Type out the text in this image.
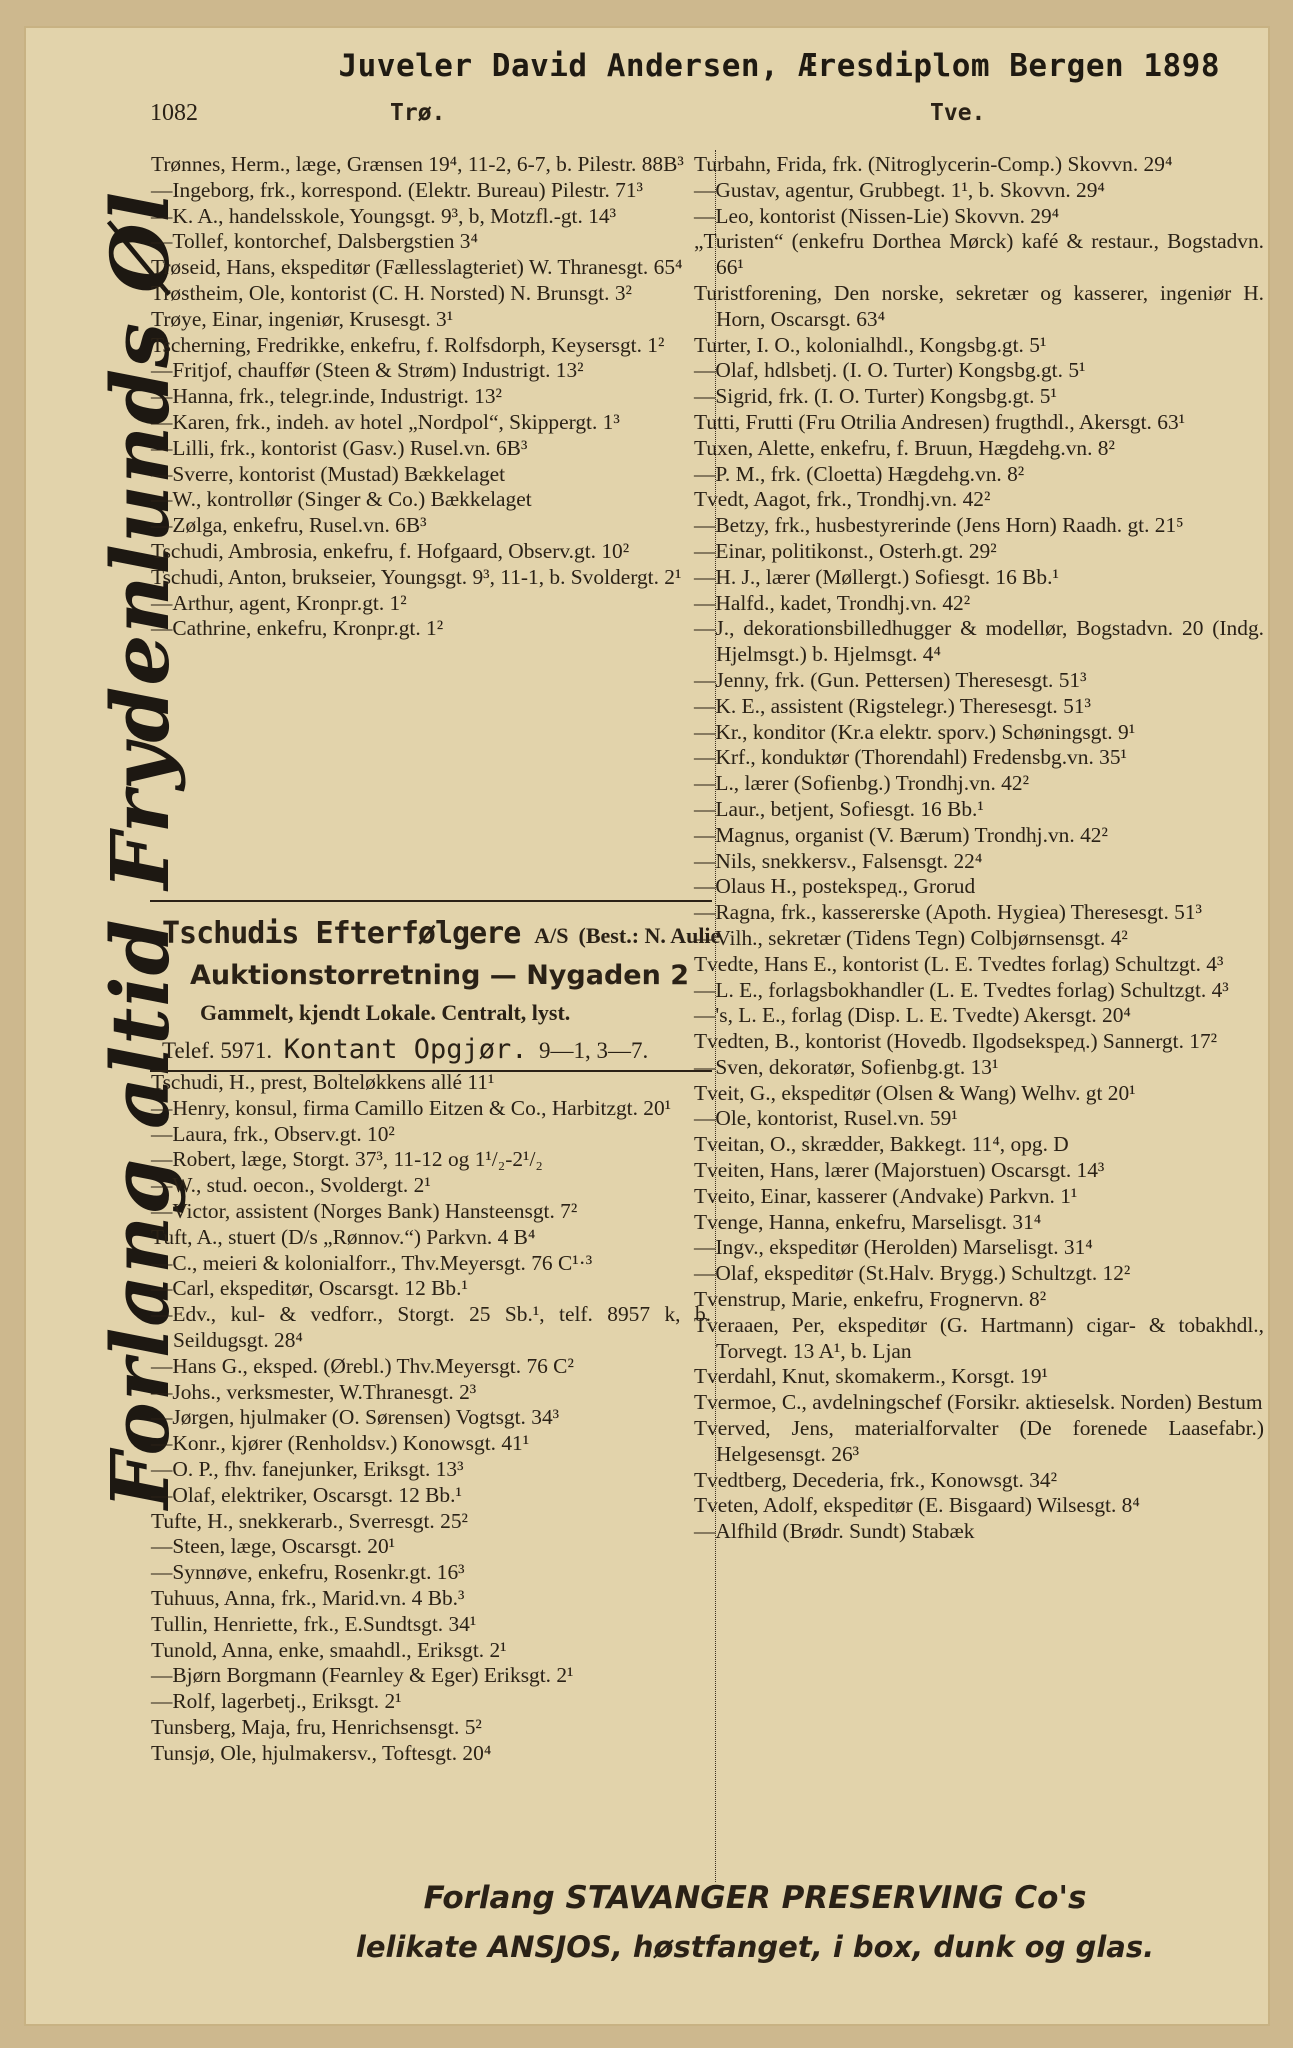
Juveler David Andersen, Æresdiplom Bergen 1898
1082	Trø.	Tve.
Forlang altid Frydenlunds Øl

Trønnes, Herm., læge, Grænsen 19⁴, 11-2, 6-7, b. Pilestr. 88B³

—Ingeborg, frk., korrespond. (Elektr. Bureau) Pilestr. 71³

—K. A., handelsskole, Youngsgt. 9³, b, Motzfl.-gt. 14³

—Tollef, kontorchef, Dalsbergstien 3⁴

Trøseid, Hans, ekspeditør (Fællesslagteriet) W. Thranesgt. 65⁴

Trøstheim, Ole, kontorist (C. H. Norsted) N. Brunsgt. 3²

Trøye, Einar, ingeniør, Krusesgt. 3¹

Tscherning, Fredrikke, enkefru, f. Rolfsdorph, Keysersgt. 1²

—Fritjof, chauffør (Steen & Strøm) Industrigt. 13²

—Hanna, frk., telegr.inde, Industrigt. 13²

—Karen, frk., indeh. av hotel „Nordpol“, Skippergt. 1³

—Lilli, frk., kontorist (Gasv.) Rusel.vn. 6B³

—Sverre, kontorist (Mustad) Bækkelaget

—W., kontrollør (Singer & Co.) Bækkelaget

—Zølga, enkefru, Rusel.vn. 6B³

Tschudi, Ambrosia, enkefru, f. Hofgaard, Observ.gt. 10²

Tschudi, Anton, brukseier, Youngsgt. 9³, 11-1, b. Svoldergt. 2¹

—Arthur, agent, Kronpr.gt. 1²

—Cathrine, enkefru, Kronpr.gt. 1²

Tschudis Efterfølgere A/S (Best.: N. Aulie
Auktionstorretning — Nygaden 2
Gammelt, kjendt Lokale. Centralt, lyst.
Telef. 5971. Kontant Opgjør. 9—1, 3—7.

Tschudi, H., prest, Bolteløkkens allé 11¹

—Henry, konsul, firma Camillo Eitzen & Co., Harbitzgt. 20¹

—Laura, frk., Observ.gt. 10²

—Robert, læge, Storgt. 37³, 11-12 og 1¹/₂-2¹/₂

—W., stud. oecon., Svoldergt. 2¹

—Victor, assistent (Norges Bank) Hansteensgt. 7²

Tuft, A., stuert (D/s „Rønnov.“) Parkvn. 4 B⁴

—C., meieri & kolonialforr., Thv.Meyersgt. 76 C¹·³

—Carl, ekspeditør, Oscarsgt. 12 Bb.¹

—Edv., kul- & vedforr., Storgt. 25 Sb.¹, telf. 8957 k, b. Seildugsgt. 28⁴

—Hans G., eksped. (Ørebl.) Thv.Meyersgt. 76 C²

—Johs., verksmester, W.Thranesgt. 2³

—Jørgen, hjulmaker (O. Sørensen) Vogtsgt. 34³

—Konr., kjører (Renholdsv.) Konowsgt. 41¹

—O. P., fhv. fanejunker, Eriksgt. 13³

—Olaf, elektriker, Oscarsgt. 12 Bb.¹

Tufte, H., snekkerarb., Sverresgt. 25²

—Steen, læge, Oscarsgt. 20¹

—Synnøve, enkefru, Rosenkr.gt. 16³

Tuhuus, Anna, frk., Marid.vn. 4 Bb.³

Tullin, Henriette, frk., E.Sundtsgt. 34¹

Tunold, Anna, enke, smaahdl., Eriksgt. 2¹

—Bjørn Borgmann (Fearnley & Eger) Eriksgt. 2¹

—Rolf, lagerbetj., Eriksgt. 2¹

Tunsberg, Maja, fru, Henrichsensgt. 5²

Tunsjø, Ole, hjulmakersv., Toftesgt. 20⁴

Turbahn, Frida, frk. (Nitroglycerin-Comp.) Skovvn. 29⁴

—Gustav, agentur, Grubbegt. 1¹, b. Skovvn. 29⁴

—Leo, kontorist (Nissen-Lie) Skovvn. 29⁴

„Turisten“ (enkefru Dorthea Mørck) kafé & restaur., Bogstadvn. 66¹

Turistforening, Den norske, sekretær og kasserer, ingeniør H. Horn, Oscarsgt. 63⁴

Turter, I. O., kolonialhdl., Kongsbg.gt. 5¹

—Olaf, hdlsbetj. (I. O. Turter) Kongsbg.gt. 5¹

—Sigrid, frk. (I. O. Turter) Kongsbg.gt. 5¹

Tutti, Frutti (Fru Otrilia Andresen) frugthdl., Akersgt. 63¹

Tuxen, Alette, enkefru, f. Bruun, Hægdehg.vn. 8²

—P. M., frk. (Cloetta) Hægdehg.vn. 8²

Tvedt, Aagot, frk., Trondhj.vn. 42²

—Betzy, frk., husbestyrerinde (Jens Horn) Raadh. gt. 21⁵

—Einar, politikonst., Osterh.gt. 29²

—H. J., lærer (Møllergt.) Sofiesgt. 16 Bb.¹

—Halfd., kadet, Trondhj.vn. 42²

—J., dekorationsbilledhugger & modellør, Bogstadvn. 20 (Indg. Hjelmsgt.) b. Hjelmsgt. 4⁴

—Jenny, frk. (Gun. Pettersen) Theresesgt. 51³

—K. E., assistent (Rigstelegr.) Theresesgt. 51³

—Kr., konditor (Kr.a elektr. sporv.) Schøningsgt. 9¹

—Krf., konduktør (Thorendahl) Fredensbg.vn. 35¹

—L., lærer (Sofienbg.) Trondhj.vn. 42²

—Laur., betjent, Sofiesgt. 16 Bb.¹

—Magnus, organist (V. Bærum) Trondhj.vn. 42²

—Nils, snekkersv., Falsensgt. 22⁴

—Olaus H., postekspeд., Grorud

—Ragna, frk., kassererske (Apoth. Hygiea) Theresesgt. 51³

—Vilh., sekretær (Tidens Tegn) Colbjørnsensgt. 4²

Tvedte, Hans E., kontorist (L. E. Tvedtes forlag) Schultzgt. 4³

—L. E., forlagsbokhandler (L. E. Tvedtes forlag) Schultzgt. 4³

—'s, L. E., forlag (Disp. L. E. Tvedte) Akersgt. 20⁴

Tvedten, B., kontorist (Hovedb. Ilgodsekspeд.) Sannergt. 17²

—Sven, dekoratør, Sofienbg.gt. 13¹

Tveit, G., ekspeditør (Olsen & Wang) Welhv. gt 20¹

—Ole, kontorist, Rusel.vn. 59¹

Tveitan, O., skrædder, Bakkegt. 11⁴, opg. D

Tveiten, Hans, lærer (Majorstuen) Oscarsgt. 14³

Tveito, Einar, kasserer (Andvake) Parkvn. 1¹

Tvenge, Hanna, enkefru, Marselisgt. 31⁴

—Ingv., ekspeditør (Herolden) Marselisgt. 31⁴

—Olaf, ekspeditør (St.Halv. Brygg.) Schultzgt. 12²

Tvenstrup, Marie, enkefru, Frognervn. 8²

Tveraaen, Per, ekspeditør (G. Hartmann) cigar- & tobakhdl., Torvegt. 13 A¹, b. Ljan

Tverdahl, Knut, skomakerm., Korsgt. 19¹

Tvermoe, C., avdelningschef (Forsikr. aktieselsk. Norden) Bestum

Tverved, Jens, materialforvalter (De forenede Laasefabr.) Helgesensgt. 26³

Tvedtberg, Decederia, frk., Konowsgt. 34²

Tveten, Adolf, ekspeditør (E. Bisgaard) Wilsesgt. 8⁴

—Alfhild (Brødr. Sundt) Stabæk

Forlang STAVANGER PRESERVING Co's
lelikate ANSJOS, høstfanget, i box, dunk og glas.
